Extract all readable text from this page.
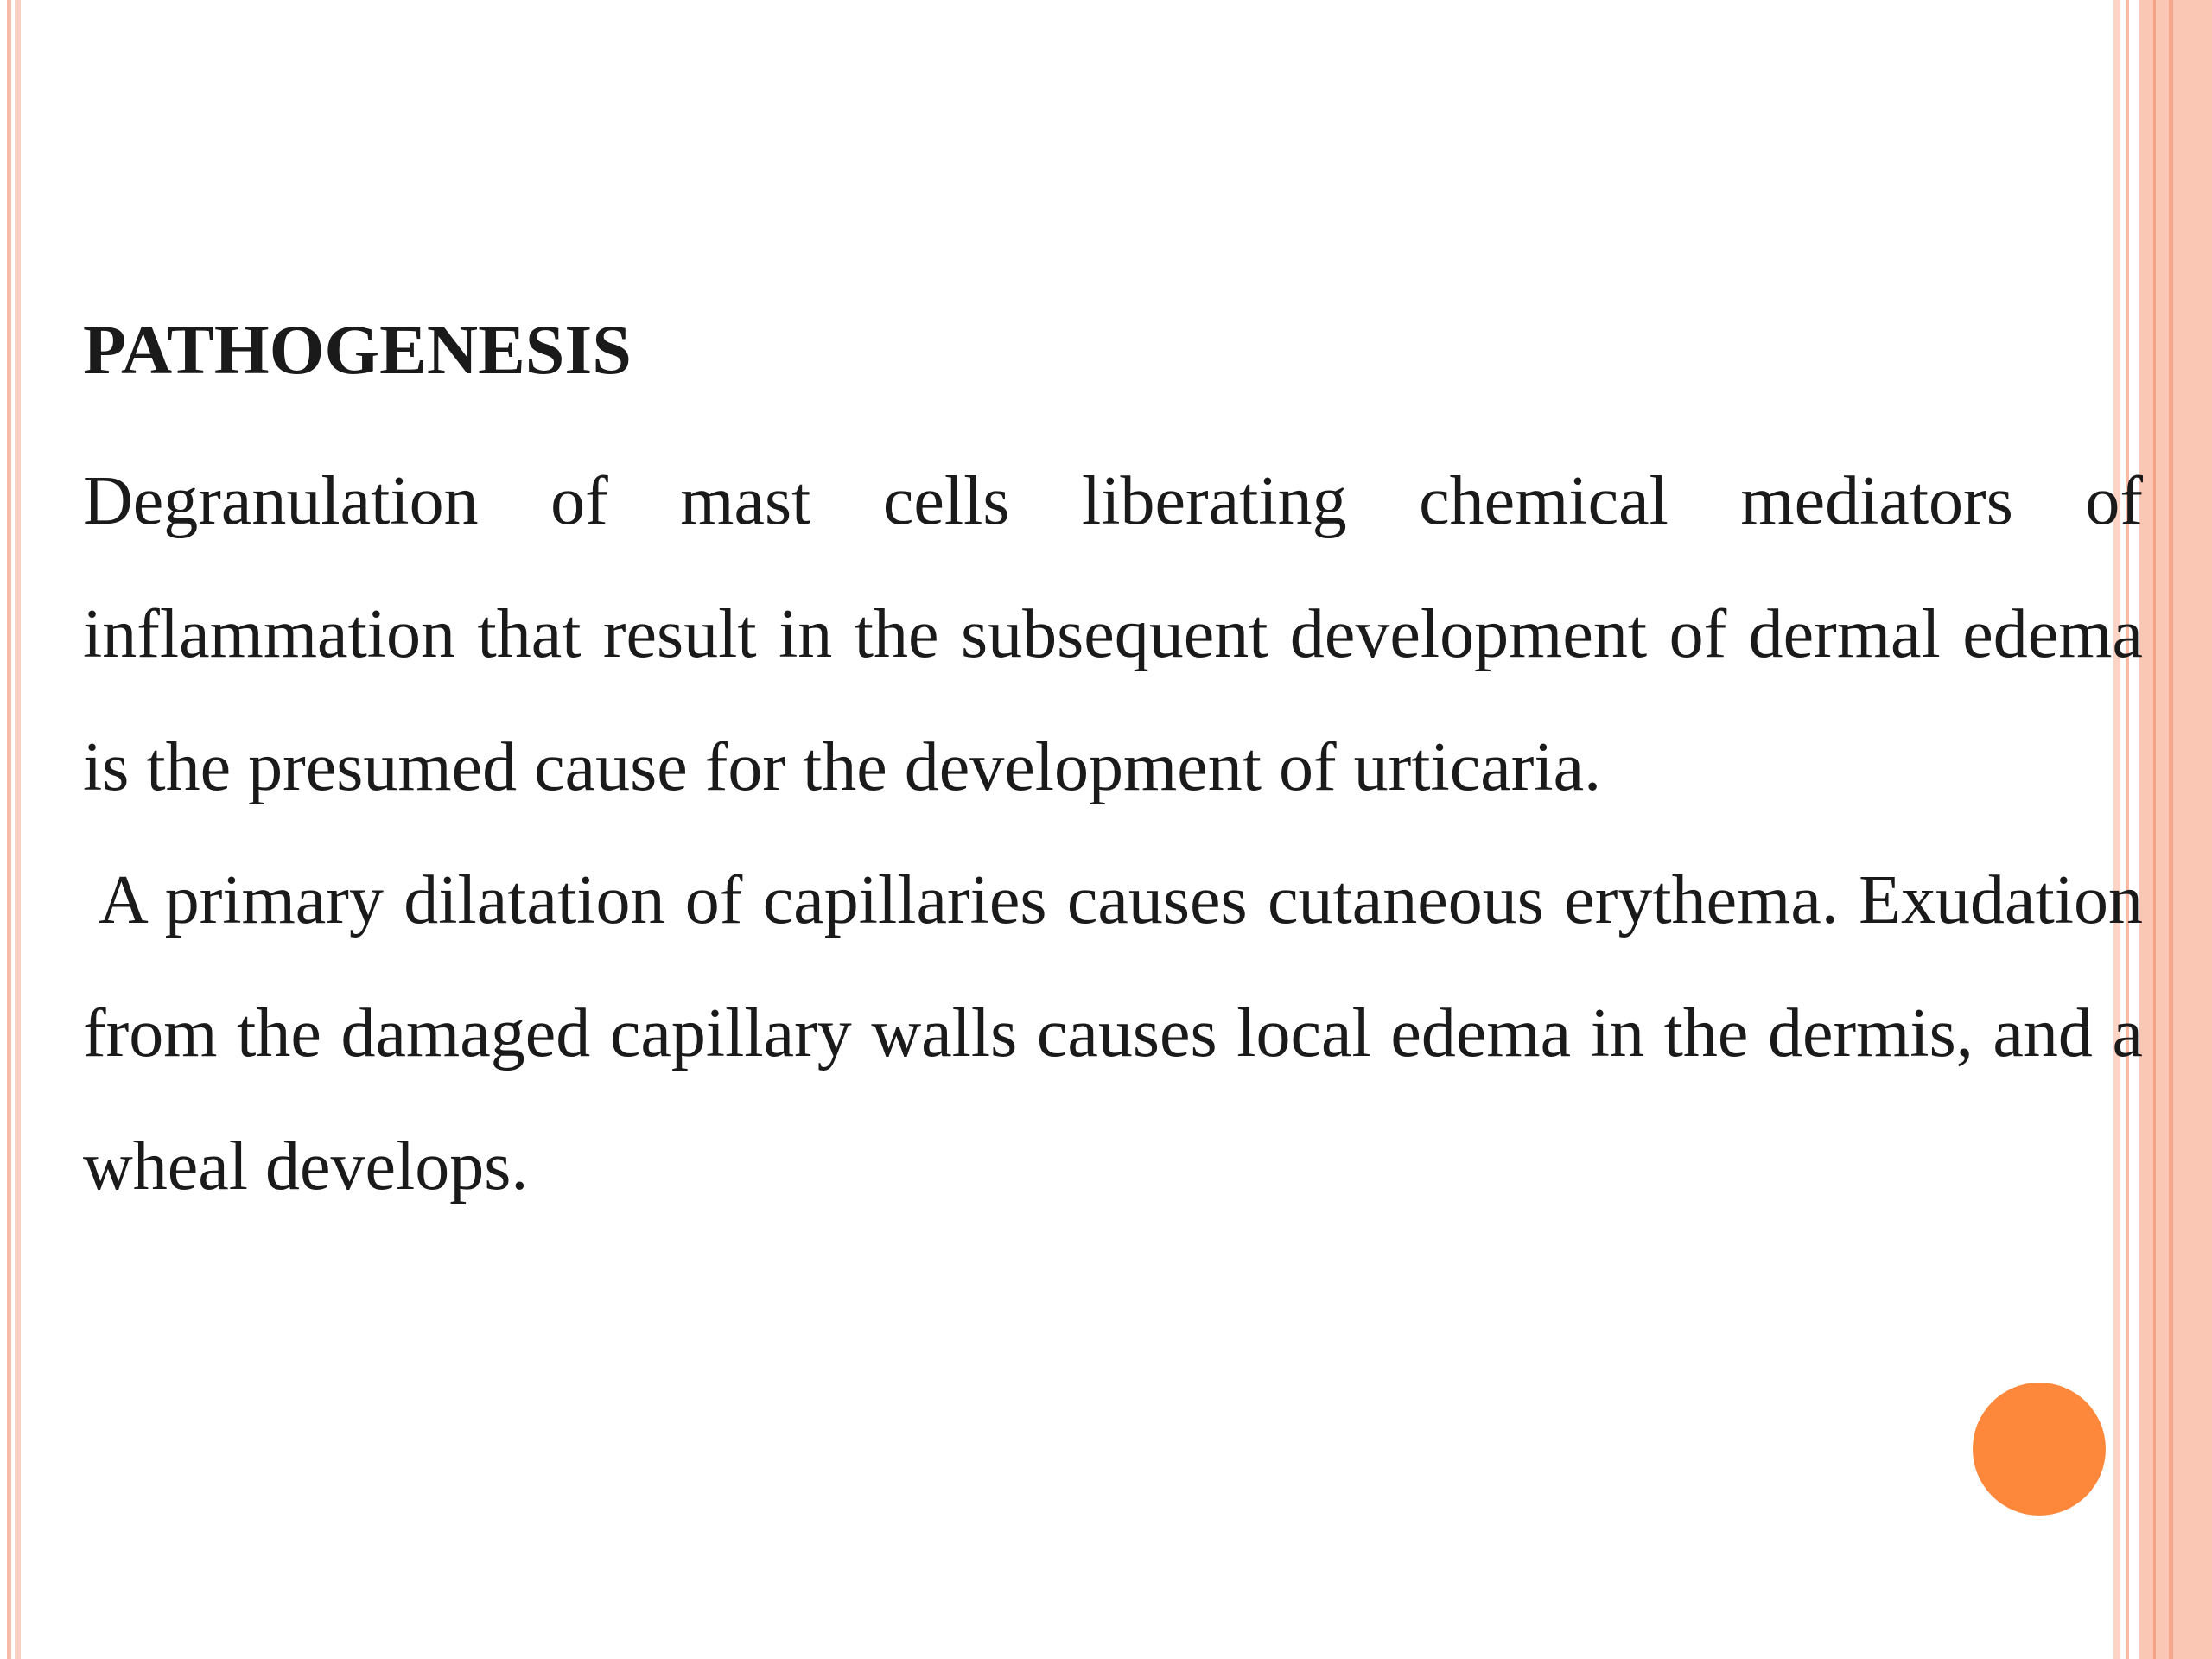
PATHOGENESIS

Degranulation of mast cells liberating chemical mediators of inflammation that result in the subsequent development of dermal edema is the presumed cause for the development of urticaria.

A primary dilatation of capillaries causes cutaneous erythema. Exudation from the damaged capillary walls causes local edema in the dermis, and a wheal develops.
